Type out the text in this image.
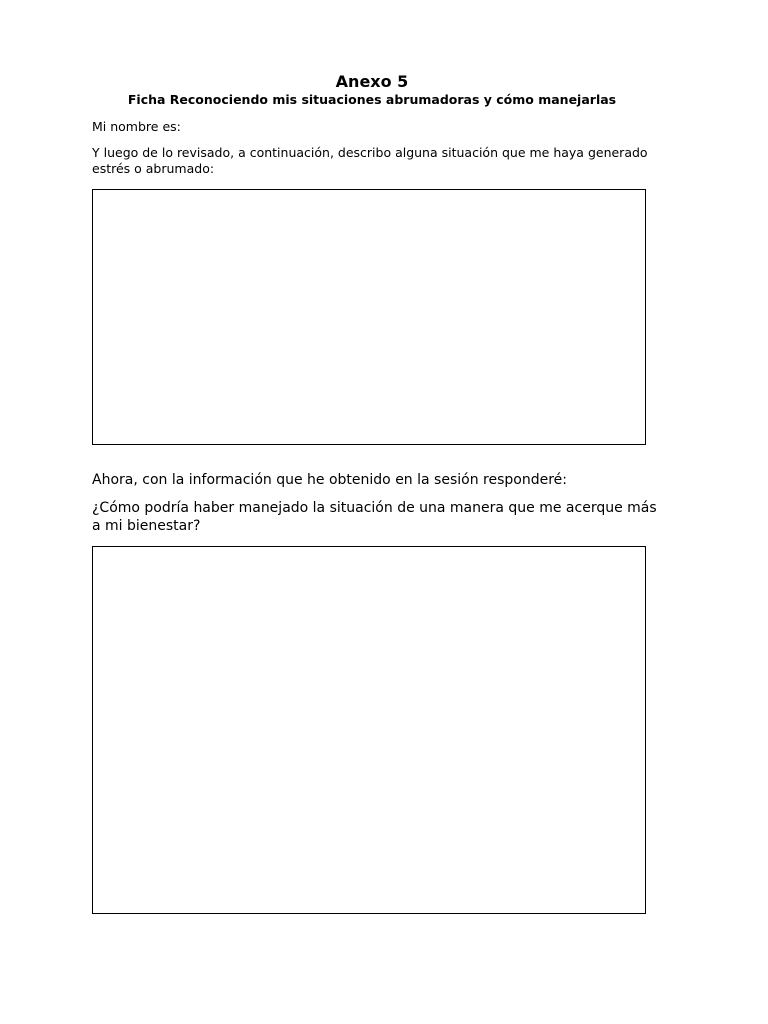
Anexo 5
Ficha Reconociendo mis situaciones abrumadoras y cómo manejarlas
Mi nombre es:
Y luego de lo revisado, a continuación, describo alguna situación que me haya generado estrés o abrumado:
Ahora, con la información que he obtenido en la sesión responderé:
¿Cómo podría haber manejado la situación de una manera que me acerque más a mi bienestar?
